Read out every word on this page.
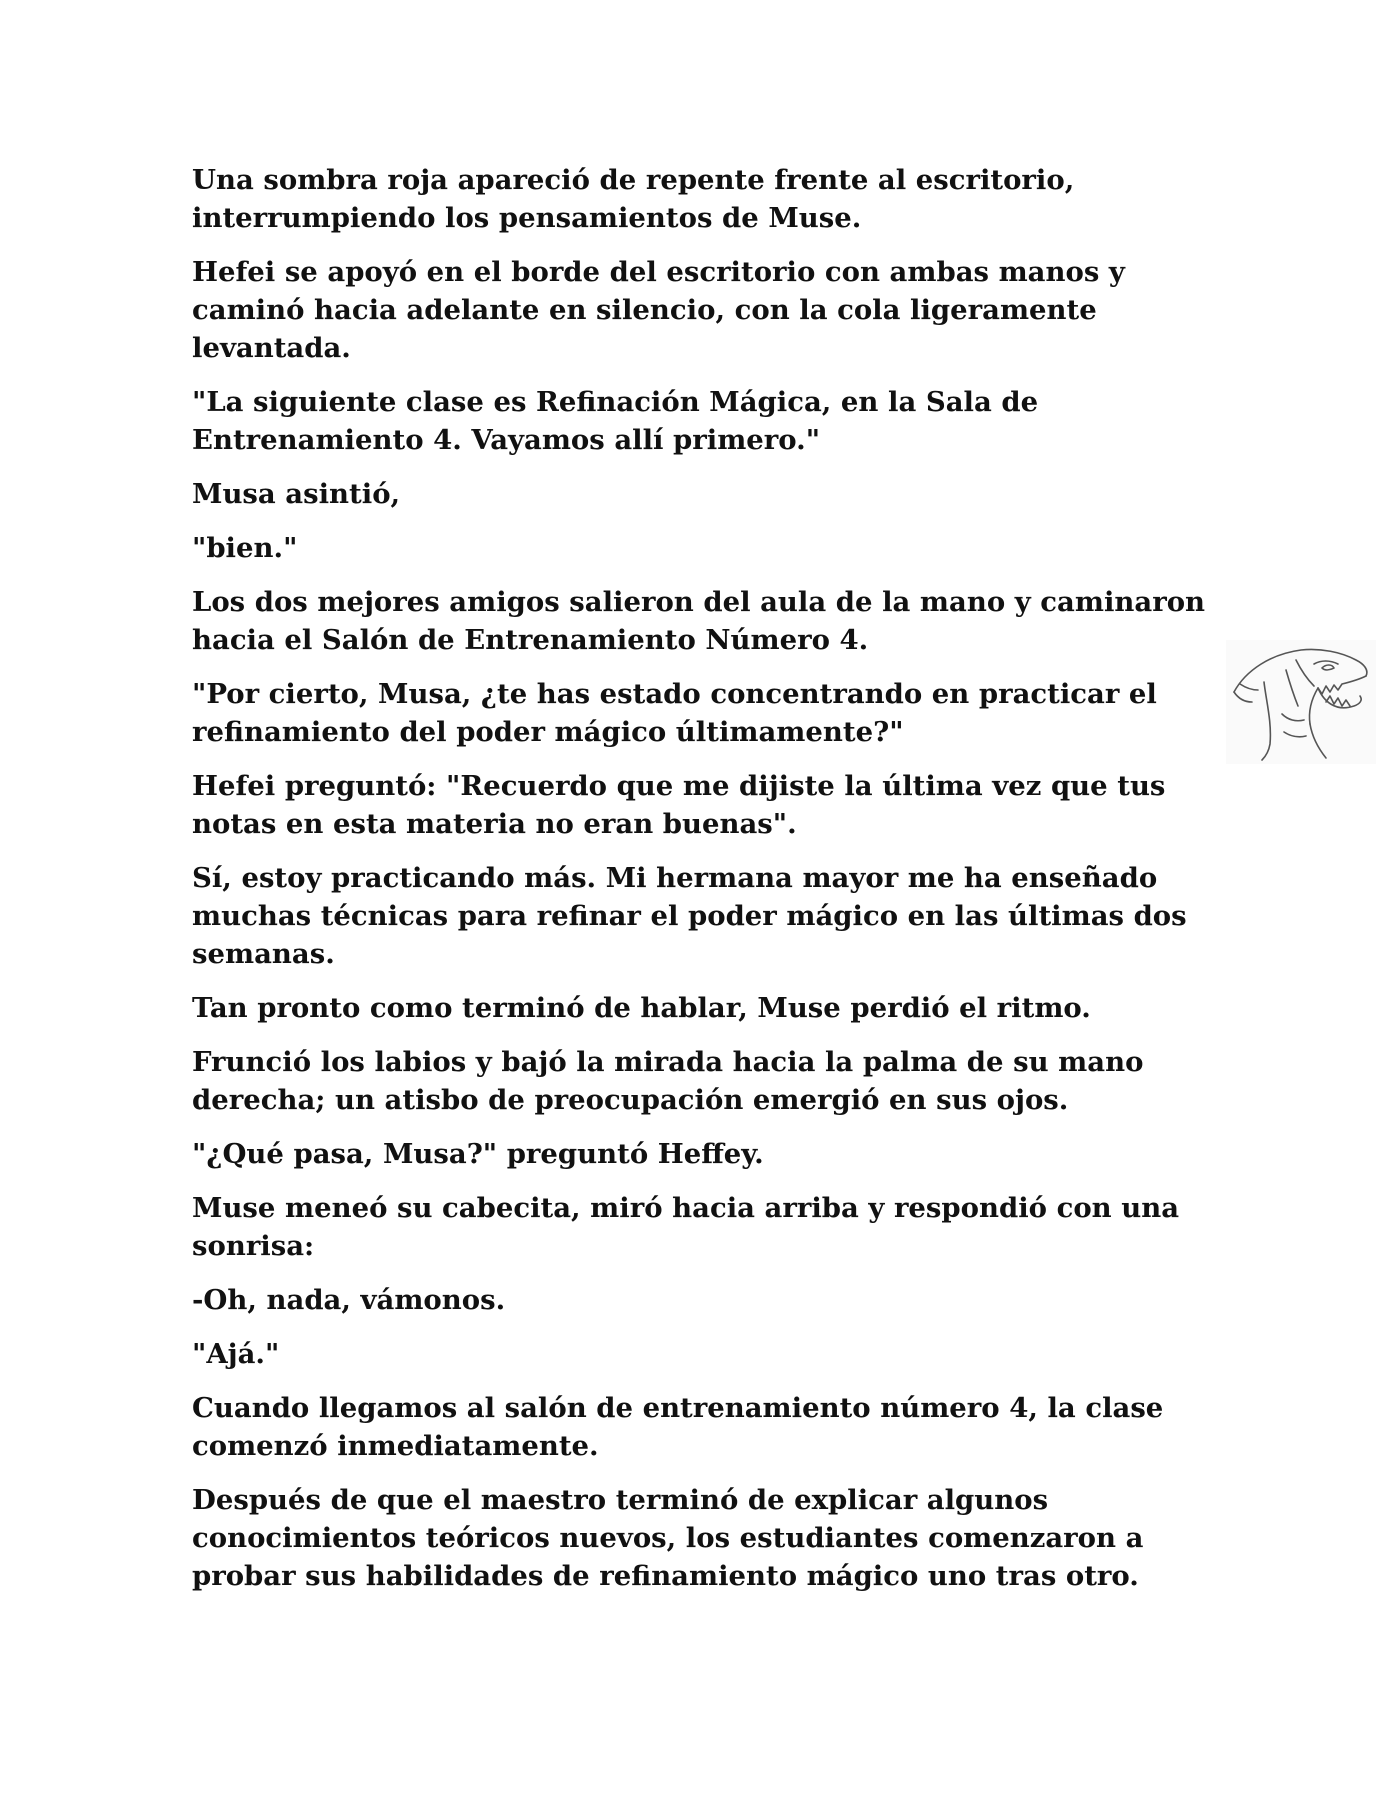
Una sombra roja apareció de repente frente al escritorio, interrumpiendo los pensamientos de Muse.

Hefei se apoyó en el borde del escritorio con ambas manos y caminó hacia adelante en silencio, con la cola ligeramente levantada.

"La siguiente clase es Refinación Mágica, en la Sala de Entrenamiento 4. Vayamos allí primero."

Musa asintió,

"bien."

Los dos mejores amigos salieron del aula de la mano y caminaron hacia el Salón de Entrenamiento Número 4.

"Por cierto, Musa, ¿te has estado concentrando en practicar el refinamiento del poder mágico últimamente?"

Hefei preguntó: "Recuerdo que me dijiste la última vez que tus notas en esta materia no eran buenas".

Sí, estoy practicando más. Mi hermana mayor me ha enseñado muchas técnicas para refinar el poder mágico en las últimas dos semanas.

Tan pronto como terminó de hablar, Muse perdió el ritmo.

Frunció los labios y bajó la mirada hacia la palma de su mano derecha; un atisbo de preocupación emergió en sus ojos.

"¿Qué pasa, Musa?" preguntó Heffey.

Muse meneó su cabecita, miró hacia arriba y respondió con una sonrisa:

-Oh, nada, vámonos.

"Ajá."

Cuando llegamos al salón de entrenamiento número 4, la clase comenzó inmediatamente.

Después de que el maestro terminó de explicar algunos conocimientos teóricos nuevos, los estudiantes comenzaron a probar sus habilidades de refinamiento mágico uno tras otro.
